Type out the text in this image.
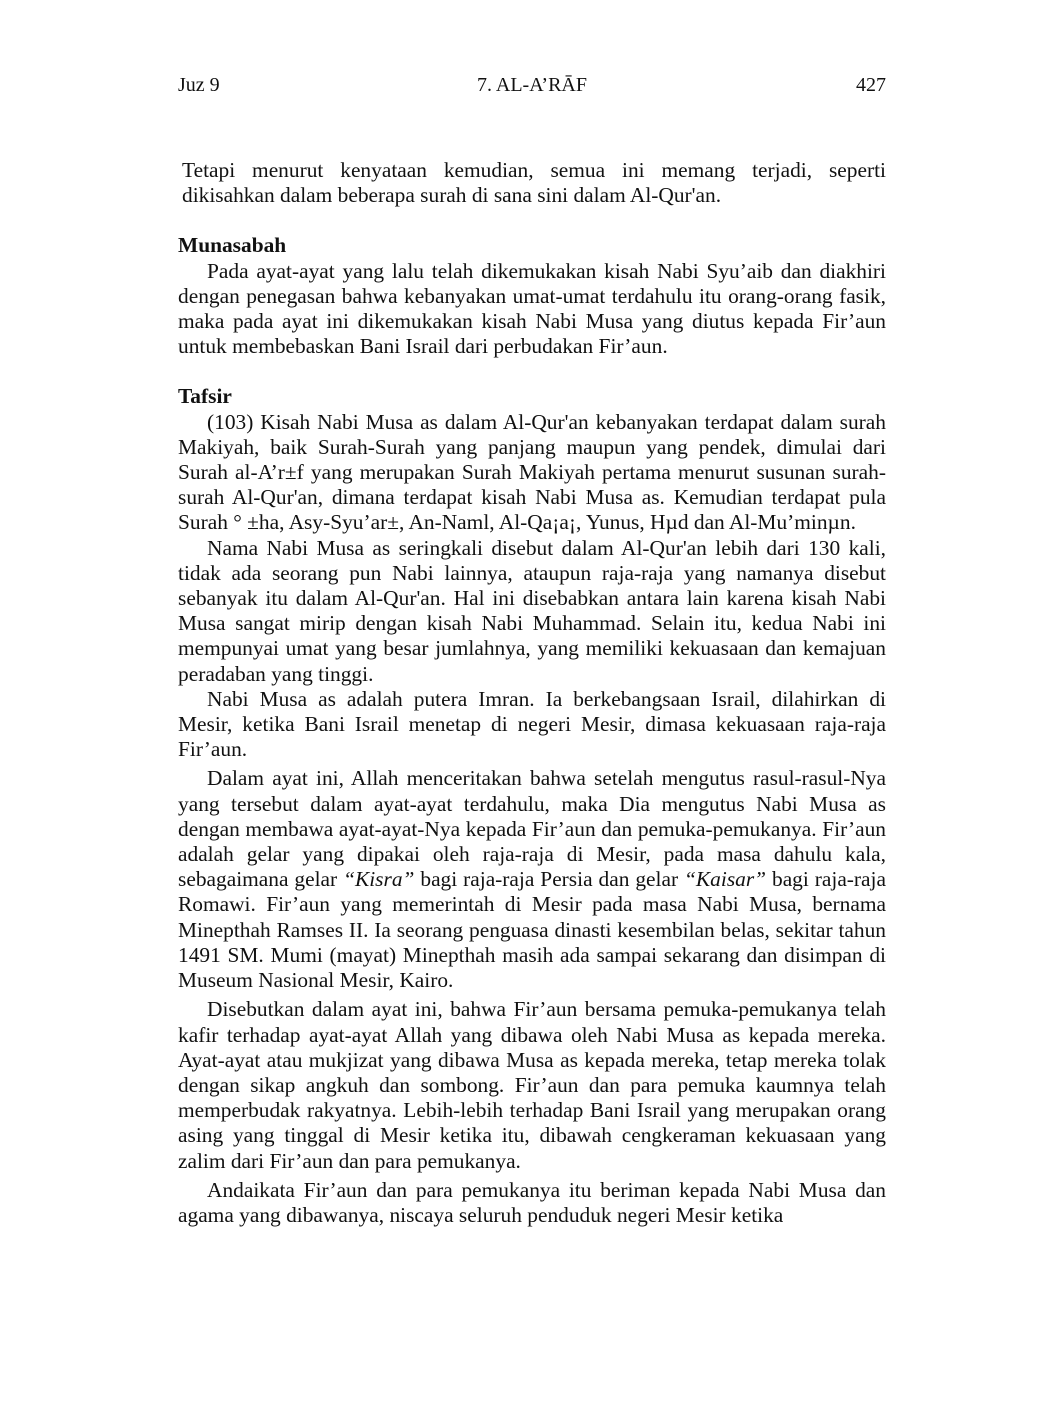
Juz 9	7. AL-A’RĀF	427

Tetapi menurut kenyataan kemudian, semua ini memang terjadi, seperti dikisahkan dalam beberapa surah di sana sini dalam Al-Qur'an.

Munasabah

Pada ayat-ayat yang lalu telah dikemukakan kisah Nabi Syu’aib dan diakhiri dengan penegasan bahwa kebanyakan umat-umat terdahulu itu orang-orang fasik, maka pada ayat ini dikemukakan kisah Nabi Musa yang diutus kepada Fir’aun untuk membebaskan Bani Israil dari perbudakan Fir’aun.

Tafsir

(103) Kisah Nabi Musa as dalam Al-Qur'an kebanyakan terdapat dalam surah Makiyah, baik Surah-Surah yang panjang maupun yang pendek, dimulai dari Surah al-A’r±f yang merupakan Surah Makiyah pertama menurut susunan surah-surah Al-Qur'an, dimana terdapat kisah Nabi Musa as. Kemudian terdapat pula Surah ° ±ha, Asy-Syu’ar±, An-Naml, Al-Qa¡a¡, Yunus, Hµd dan Al-Mu’minµn.

Nama Nabi Musa as seringkali disebut dalam Al-Qur'an lebih dari 130 kali, tidak ada seorang pun Nabi lainnya, ataupun raja-raja yang namanya disebut sebanyak itu dalam Al-Qur'an. Hal ini disebabkan antara lain karena kisah Nabi Musa sangat mirip dengan kisah Nabi Muhammad. Selain itu, kedua Nabi ini mempunyai umat yang besar jumlahnya, yang memiliki kekuasaan dan kemajuan peradaban yang tinggi.

Nabi Musa as adalah putera Imran. Ia berkebangsaan Israil, dilahirkan di Mesir, ketika Bani Israil menetap di negeri Mesir, dimasa kekuasaan raja-raja Fir’aun.

Dalam ayat ini, Allah menceritakan bahwa setelah mengutus rasul-rasul-Nya yang tersebut dalam ayat-ayat terdahulu, maka Dia mengutus Nabi Musa as dengan membawa ayat-ayat-Nya kepada Fir’aun dan pemuka-pemukanya. Fir’aun adalah gelar yang dipakai oleh raja-raja di Mesir, pada masa dahulu kala, sebagaimana gelar “Kisra” bagi raja-raja Persia dan gelar “Kaisar” bagi raja-raja Romawi. Fir’aun yang memerintah di Mesir pada masa Nabi Musa, bernama Minepthah Ramses II. Ia seorang penguasa dinasti kesembilan belas, sekitar tahun 1491 SM. Mumi (mayat) Minepthah masih ada sampai sekarang dan disimpan di Museum Nasional Mesir, Kairo.

Disebutkan dalam ayat ini, bahwa Fir’aun bersama pemuka-pemukanya telah kafir terhadap ayat-ayat Allah yang dibawa oleh Nabi Musa as kepada mereka. Ayat-ayat atau mukjizat yang dibawa Musa as kepada mereka, tetap mereka tolak dengan sikap angkuh dan sombong. Fir’aun dan para pemuka kaumnya telah memperbudak rakyatnya. Lebih-lebih terhadap Bani Israil yang merupakan orang asing yang tinggal di Mesir ketika itu, dibawah cengkeraman kekuasaan yang zalim dari Fir’aun dan para pemukanya.

Andaikata Fir’aun dan para pemukanya itu beriman kepada Nabi Musa dan agama yang dibawanya, niscaya seluruh penduduk negeri Mesir ketika
